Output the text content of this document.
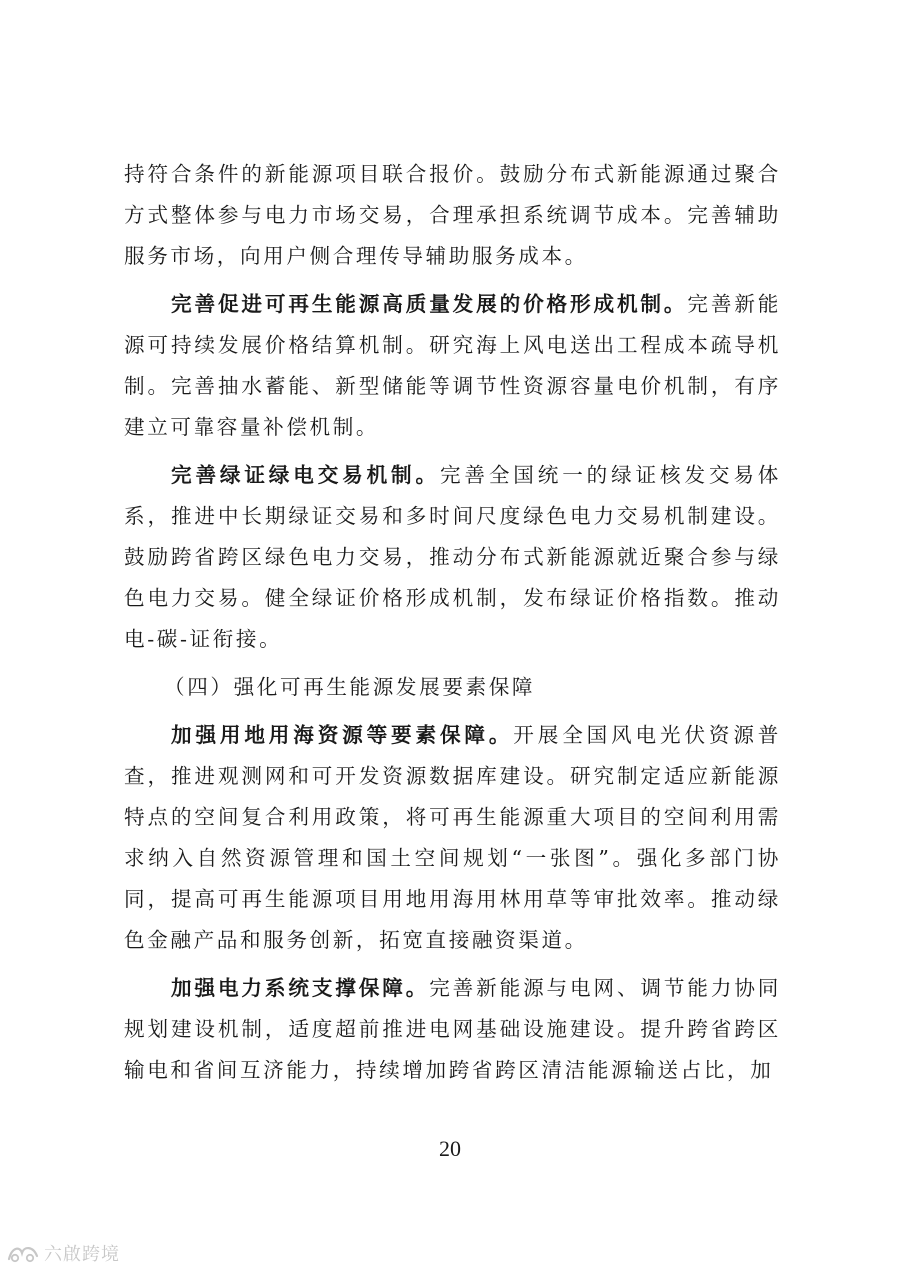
持符合条件的新能源项目联合报价。鼓励分布式新能源通过聚合方式整体参与电力市场交易，合理承担系统调节成本。完善辅助服务市场，向用户侧合理传导辅助服务成本。

完善促进可再生能源高质量发展的价格形成机制。完善新能源可持续发展价格结算机制。研究海上风电送出工程成本疏导机制。完善抽水蓄能、新型储能等调节性资源容量电价机制，有序建立可靠容量补偿机制。

完善绿证绿电交易机制。完善全国统一的绿证核发交易体系，推进中长期绿证交易和多时间尺度绿色电力交易机制建设。鼓励跨省跨区绿色电力交易，推动分布式新能源就近聚合参与绿色电力交易。健全绿证价格形成机制，发布绿证价格指数。推动电-碳-证衔接。

（四）强化可再生能源发展要素保障

加强用地用海资源等要素保障。开展全国风电光伏资源普查，推进观测网和可开发资源数据库建设。研究制定适应新能源特点的空间复合利用政策，将可再生能源重大项目的空间利用需求纳入自然资源管理和国土空间规划“一张图”。强化多部门协同，提高可再生能源项目用地用海用林用草等审批效率。推动绿色金融产品和服务创新，拓宽直接融资渠道。

加强电力系统支撑保障。完善新能源与电网、调节能力协同规划建设机制，适度超前推进电网基础设施建设。提升跨省跨区输电和省间互济能力，持续增加跨省跨区清洁能源输送占比，加

20
六啟跨境
